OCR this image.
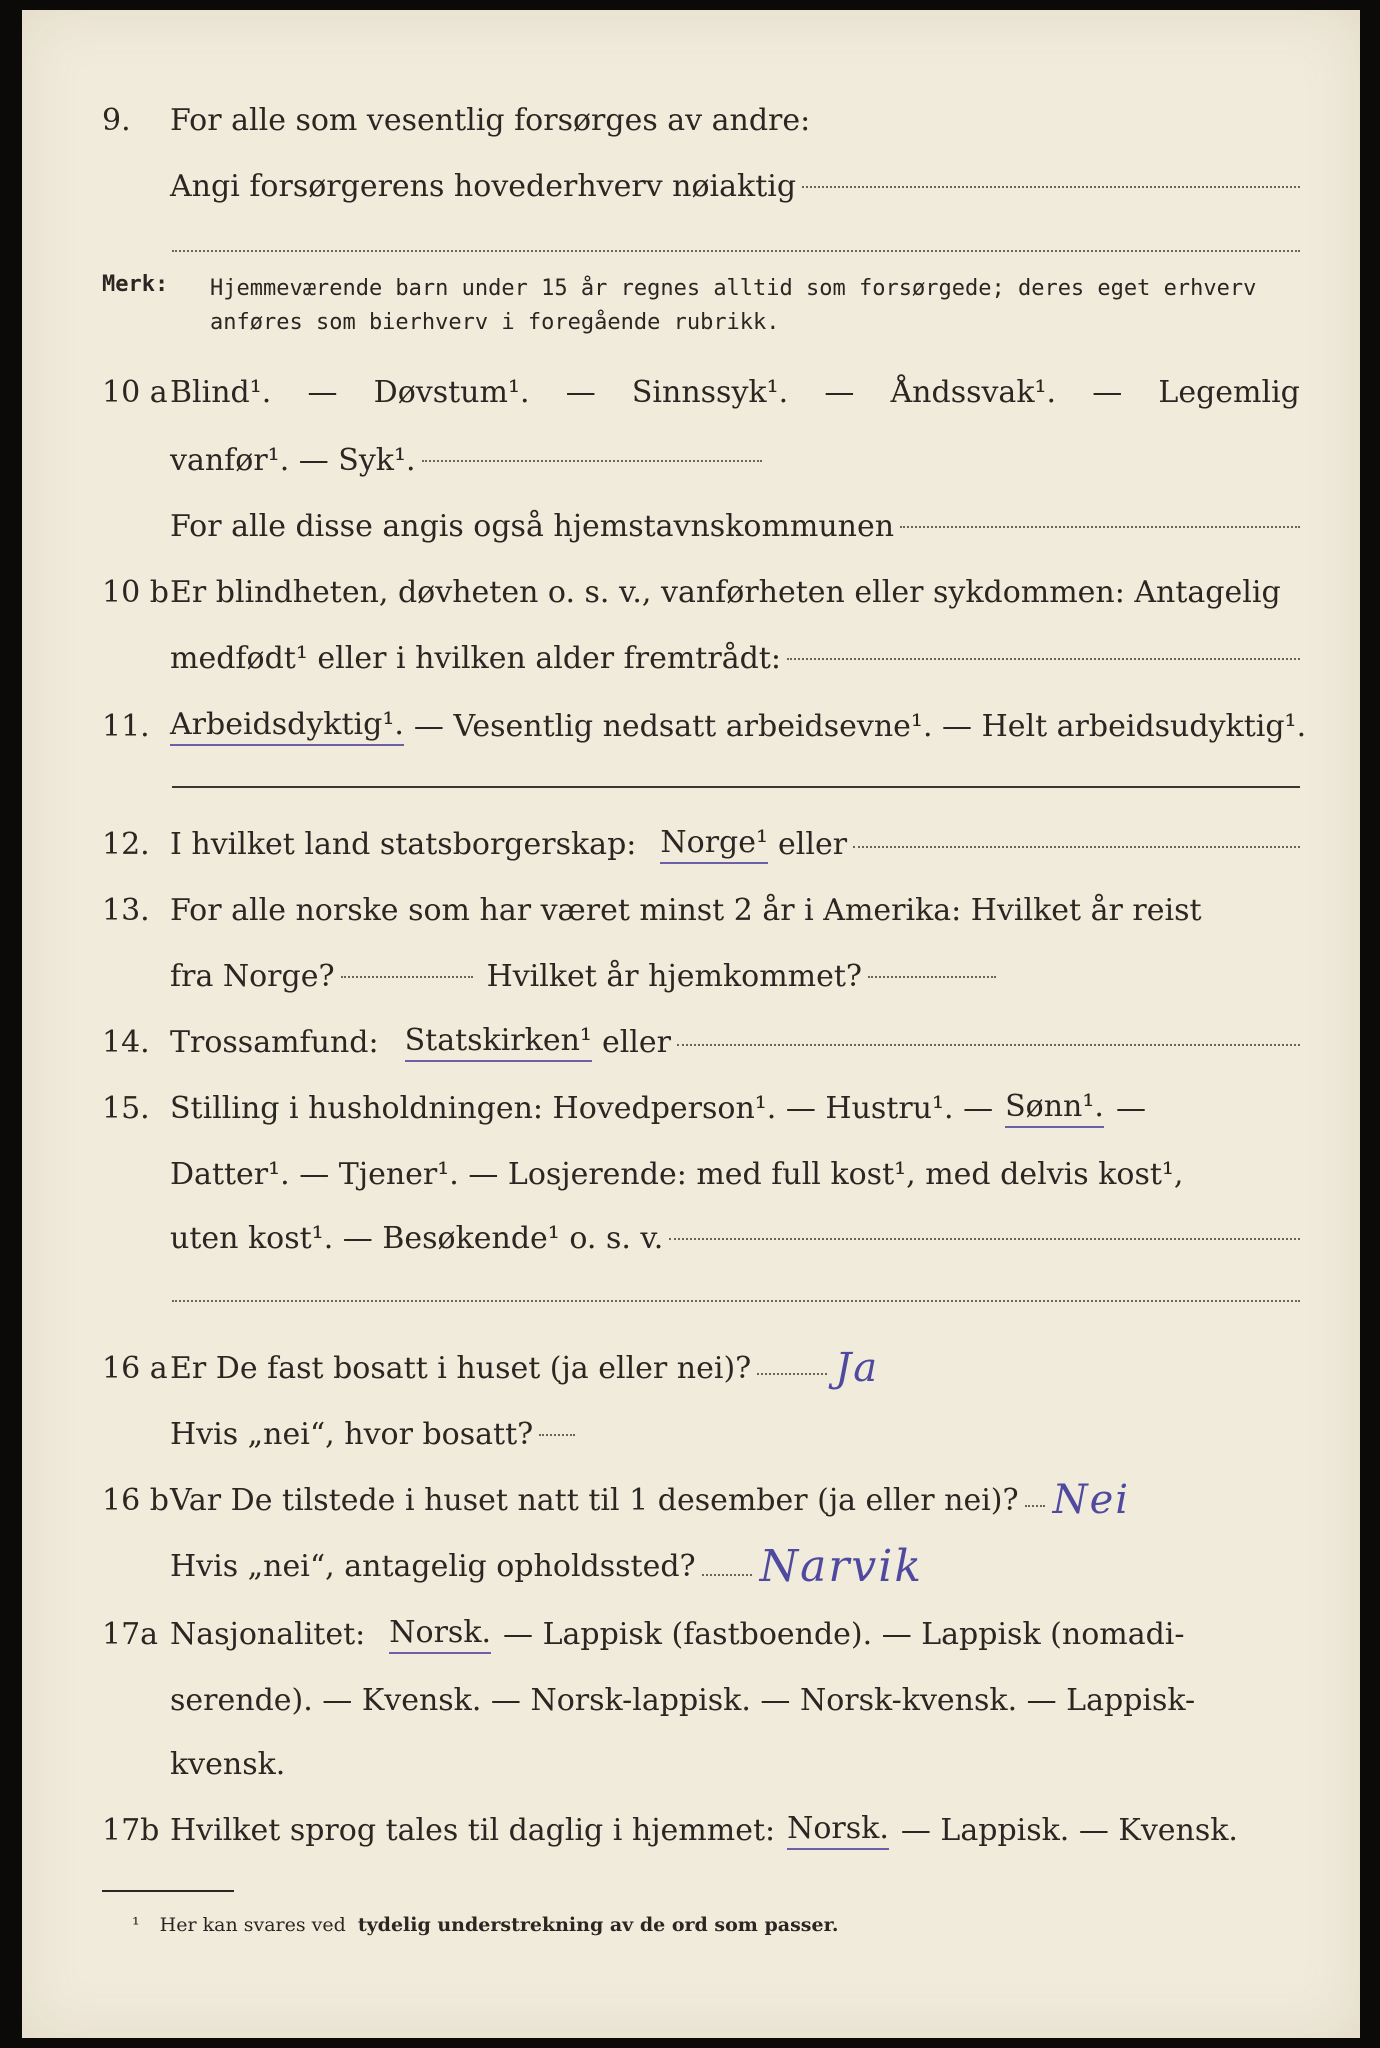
9.	For alle som vesentlig forsørges av andre:
Angi forsørgerens hovederhverv nøiaktig
Merk: Hjemmeværende barn under 15 år regnes alltid som forsørgede; deres eget erhverv
anføres som bierhverv i foregående rubrikk.
10 a Blind¹. — Døvstum¹. — Sinnssyk¹. — Åndssvak¹. — Legemlig
vanfør¹. — Syk¹.
For alle disse angis også hjemstavnskommunen
10 b Er blindheten, døvheten o. s. v., vanførheten eller sykdommen: Antagelig
medfødt¹ eller i hvilken alder fremtrådt:
11. Arbeidsdyktig¹. — Vesentlig nedsatt arbeidsevne¹. — Helt arbeidsudyktig¹.
12. I hvilket land statsborgerskap: Norge¹ eller
13. For alle norske som har været minst 2 år i Amerika: Hvilket år reist
fra Norge?	Hvilket år hjemkommet?
14. Trossamfund: Statskirken¹ eller
15. Stilling i husholdningen: Hovedperson¹. — Hustru¹. — Sønn¹. —
Datter¹. — Tjener¹. — Losjerende: med full kost¹, med delvis kost¹,
uten kost¹. — Besøkende¹ o. s. v.
16 a Er De fast bosatt i huset (ja eller nei)? Ja
Hvis „nei“, hvor bosatt?
16 b Var De tilstede i huset natt til 1 desember (ja eller nei)? Nei
Hvis „nei“, antagelig opholdssted? Narvik
17a Nasjonalitet: Norsk. — Lappisk (fastboende). — Lappisk (nomadi-
serende). — Kvensk. — Norsk-lappisk. — Norsk-kvensk. — Lappisk-
kvensk.
17b Hvilket sprog tales til daglig i hjemmet: Norsk. — Lappisk. — Kvensk.
¹ Her kan svares ved tydelig understrekning av de ord som passer.
